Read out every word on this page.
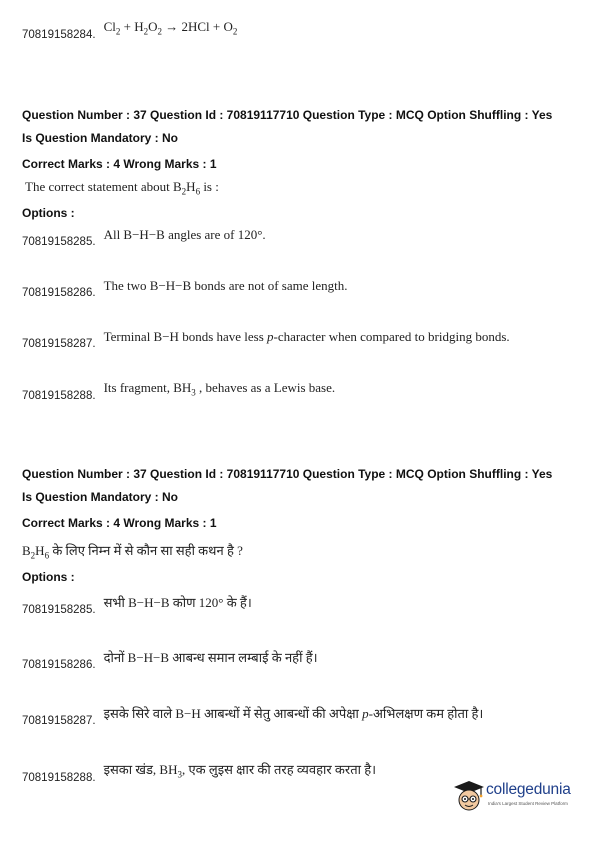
70819158284. $Cl_2 + H_2O_2 \to 2HCl + O_2$
Question Number : 37 Question Id : 70819117710 Question Type : MCQ Option Shuffling : Yes
Is Question Mandatory : No
Correct Marks : 4 Wrong Marks : 1
The correct statement about $B_2H_6$ is :
Options :
70819158285. All B−H−B angles are of 120°.
70819158286. The two B−H−B bonds are not of same length.
70819158287. Terminal B−H bonds have less p-character when compared to bridging bonds.
70819158288. Its fragment, $BH_3$ , behaves as a Lewis base.
Question Number : 37 Question Id : 70819117710 Question Type : MCQ Option Shuffling : Yes
Is Question Mandatory : No
Correct Marks : 4 Wrong Marks : 1
$B_2H_6$ के लिए निम्न में से कौन सा सही कथन है ?
Options :
70819158285. सभी B−H−B कोण 120° के हैं।
70819158286. दोनों B−H−B आबन्ध समान लम्बाई के नहीं हैं।
70819158287. इसके सिरे वाले B−H आबन्धों में सेतु आबन्धों की अपेक्षा p-अभिलक्षण कम होता है।
70819158288. इसका खंड, $BH_3$, एक लुइस क्षार की तरह व्यवहार करता है।
collegedunia
India's Largest Student Review Platform
